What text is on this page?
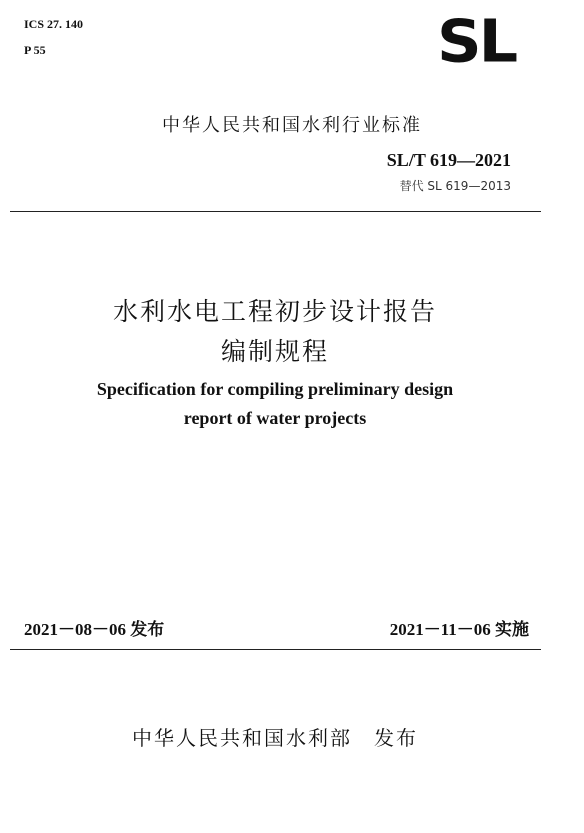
ICS 27. 140
P 55	SL
中华人民共和国水利行业标准
SL/T 619—2021
替代 SL 619—2013
水利水电工程初步设计报告
编制规程
Specification for compiling preliminary design
report of water projects
2021－08－06 发布	2021－11－06 实施
中华人民共和国水利部　发布
